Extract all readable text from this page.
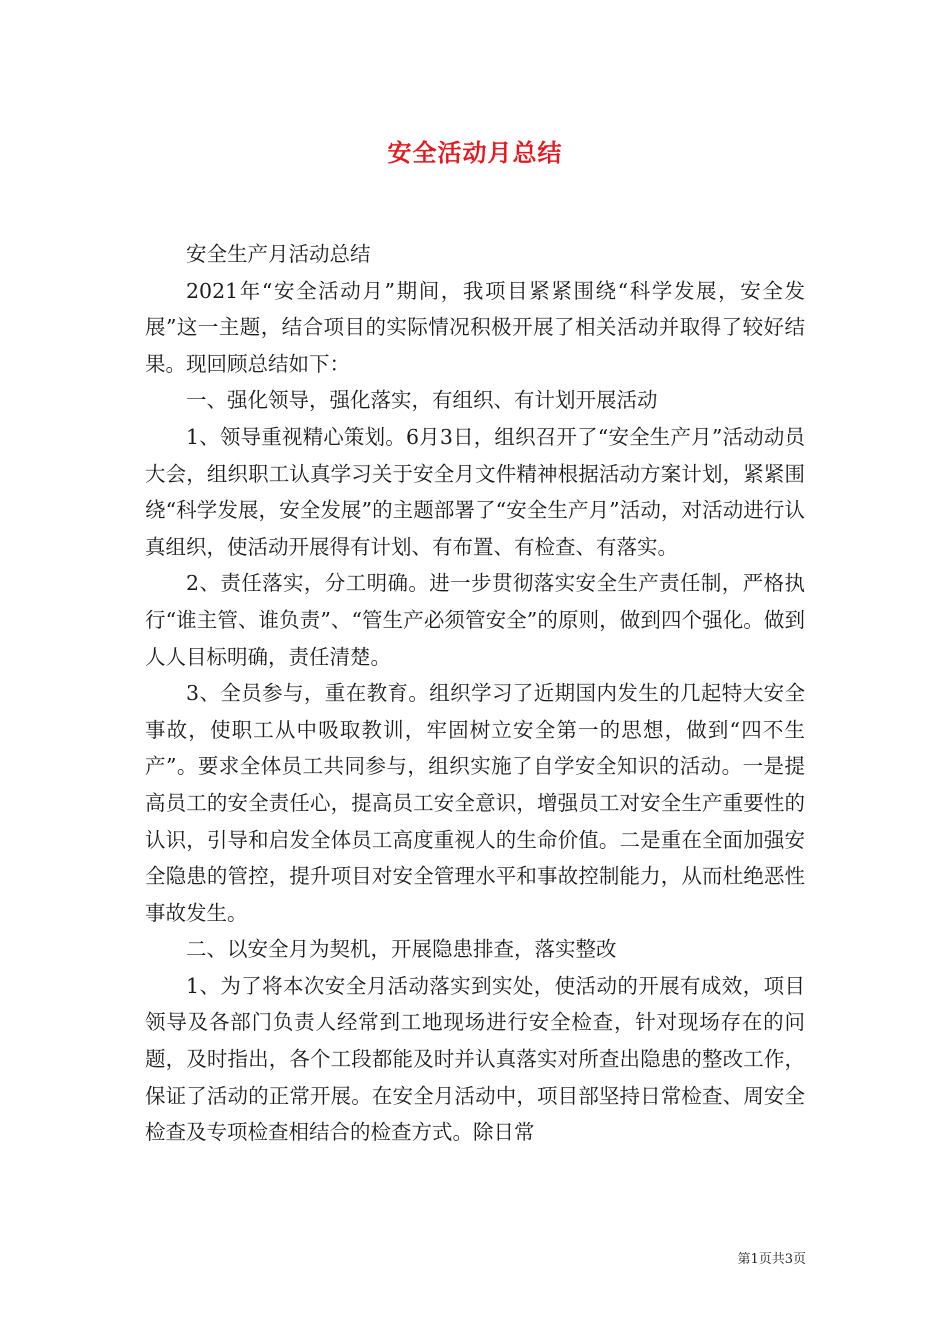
安全活动月总结

安全生产月活动总结

2021年“安全活动月”期间，我项目紧紧围绕“科学发展，安全发展”这一主题，结合项目的实际情况积极开展了相关活动并取得了较好结果。现回顾总结如下：

一、强化领导，强化落实，有组织、有计划开展活动

1、领导重视精心策划。6月3日，组织召开了“安全生产月”活动动员大会，组织职工认真学习关于安全月文件精神根据活动方案计划，紧紧围绕“科学发展，安全发展”的主题部署了“安全生产月”活动，对活动进行认真组织，使活动开展得有计划、有布置、有检查、有落实。

2、责任落实，分工明确。进一步贯彻落实安全生产责任制，严格执行“谁主管、谁负责”、“管生产必须管安全”的原则，做到四个强化。做到人人目标明确，责任清楚。

3、全员参与，重在教育。组织学习了近期国内发生的几起特大安全事故，使职工从中吸取教训，牢固树立安全第一的思想，做到“四不生产”。要求全体员工共同参与，组织实施了自学安全知识的活动。一是提高员工的安全责任心，提高员工安全意识，增强员工对安全生产重要性的认识，引导和启发全体员工高度重视人的生命价值。二是重在全面加强安全隐患的管控，提升项目对安全管理水平和事故控制能力，从而杜绝恶性事故发生。

二、以安全月为契机，开展隐患排查，落实整改

1、为了将本次安全月活动落实到实处，使活动的开展有成效，项目领导及各部门负责人经常到工地现场进行安全检查，针对现场存在的问题，及时指出，各个工段都能及时并认真落实对所查出隐患的整改工作，保证了活动的正常开展。在安全月活动中，项目部坚持日常检查、周安全检查及专项检查相结合的检查方式。除日常

第1页共3页
